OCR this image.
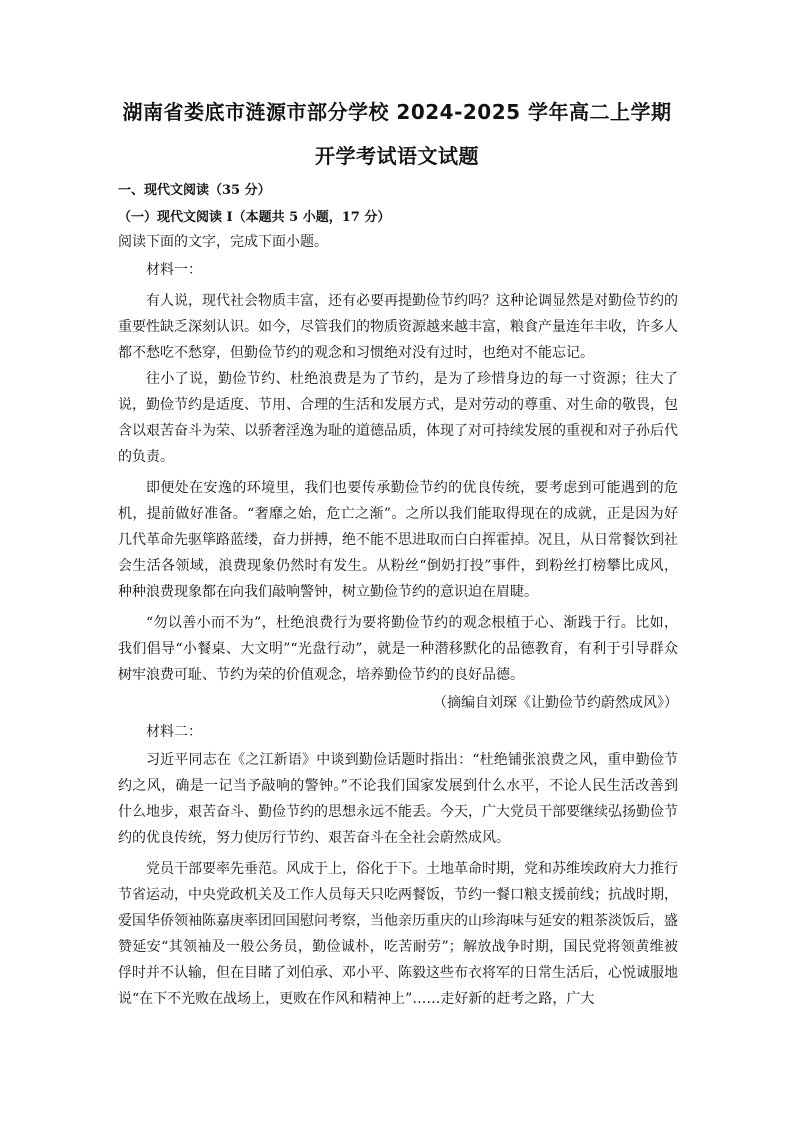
湖南省娄底市涟源市部分学校 2024-2025 学年高二上学期
开学考试语文试题
一、现代文阅读（35 分）
（一）现代文阅读 I（本题共 5 小题，17 分）

阅读下面的文字，完成下面小题。

材料一：

有人说，现代社会物质丰富，还有必要再提勤俭节约吗？这种论调显然是对勤俭节约的重要性缺乏深刻认识。如今，尽管我们的物质资源越来越丰富，粮食产量连年丰收，许多人都不愁吃不愁穿，但勤俭节约的观念和习惯绝对没有过时，也绝对不能忘记。

往小了说，勤俭节约、杜绝浪费是为了节约，是为了珍惜身边的每一寸资源；往大了说，勤俭节约是适度、节用、合理的生活和发展方式，是对劳动的尊重、对生命的敬畏，包含以艰苦奋斗为荣、以骄奢淫逸为耻的道德品质，体现了对可持续发展的重视和对子孙后代的负责。

即便处在安逸的环境里，我们也要传承勤俭节约的优良传统，要考虑到可能遇到的危机，提前做好准备。“奢靡之始，危亡之渐”。之所以我们能取得现在的成就，正是因为好几代革命先驱筚路蓝缕，奋力拼搏，绝不能不思进取而白白挥霍掉。况且，从日常餐饮到社会生活各领域，浪费现象仍然时有发生。从粉丝“倒奶打投”事件，到粉丝打榜攀比成风，种种浪费现象都在向我们敲响警钟，树立勤俭节约的意识迫在眉睫。

“勿以善小而不为”，杜绝浪费行为要将勤俭节约的观念根植于心、渐践于行。比如，我们倡导“小餐桌、大文明”“光盘行动”，就是一种潜移默化的品德教育，有利于引导群众树牢浪费可耻、节约为荣的价值观念，培养勤俭节约的良好品德。

（摘编自刘琛《让勤俭节约蔚然成风》）

材料二：

习近平同志在《之江新语》中谈到勤俭话题时指出：“杜绝铺张浪费之风，重申勤俭节约之风，确是一记当予敲响的警钟。”不论我们国家发展到什么水平，不论人民生活改善到什么地步，艰苦奋斗、勤俭节约的思想永远不能丢。今天，广大党员干部要继续弘扬勤俭节约的优良传统，努力使厉行节约、艰苦奋斗在全社会蔚然成风。

党员干部要率先垂范。风成于上，俗化于下。土地革命时期，党和苏维埃政府大力推行节省运动，中央党政机关及工作人员每天只吃两餐饭，节约一餐口粮支援前线；抗战时期，爱国华侨领袖陈嘉庚率团回国慰问考察，当他亲历重庆的山珍海味与延安的粗茶淡饭后，盛赞延安“其领袖及一般公务员，勤俭诚朴，吃苦耐劳”；解放战争时期，国民党将领黄维被俘时并不认输，但在目睹了刘伯承、邓小平、陈毅这些布衣将军的日常生活后，心悦诚服地说“在下不光败在战场上，更败在作风和精神上”……走好新的赶考之路，广大
